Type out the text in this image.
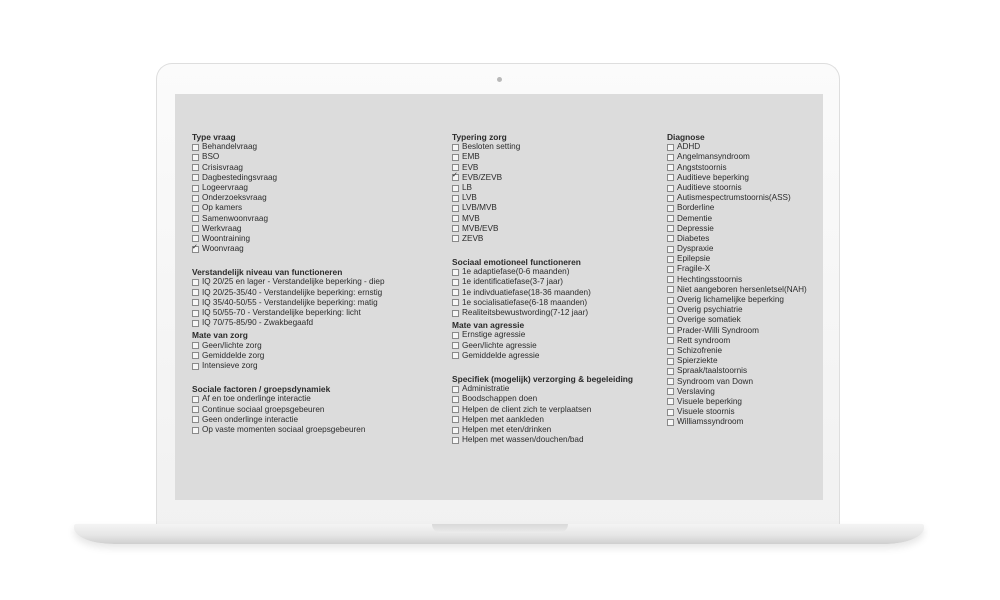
Type vraag
Behandelvraag
BSO
Crisisvraag
Dagbestedingsvraag
Logeervraag
Onderzoeksvraag
Op kamers
Samenwoonvraag
Werkvraag
Woontraining
✓
Woonvraag
Verstandelijk niveau van functioneren
IQ 20/25 en lager - Verstandelijke beperking - diep
IQ 20/25-35/40 - Verstandelijke beperking: ernstig
IQ 35/40-50/55 - Verstandelijke beperking: matig
IQ 50/55-70 - Verstandelijke beperking: licht
IQ 70/75-85/90 - Zwakbegaafd
Mate van zorg
Geen/lichte zorg
Gemiddelde zorg
Intensieve zorg
Sociale factoren / groepsdynamiek
Af en toe onderlinge interactie
Continue sociaal groepsgebeuren
Geen onderlinge interactie
Op vaste momenten sociaal groepsgebeuren
Typering zorg
Besloten setting
EMB
EVB
✓
EVB/ZEVB
LB
LVB
LVB/MVB
MVB
MVB/EVB
ZEVB
Sociaal emotioneel functioneren
1e adaptiefase(0-6 maanden)
1e identificatiefase(3-7 jaar)
1e indivduatiefase(18-36 maanden)
1e socialisatiefase(6-18 maanden)
Realiteitsbewustwording(7-12 jaar)
Mate van agressie
Ernstige agressie
Geen/lichte agressie
Gemiddelde agressie
Specifiek (mogelijk) verzorging & begeleiding
Administratie
Boodschappen doen
Helpen de client zich te verplaatsen
Helpen met aankleden
Helpen met eten/drinken
Helpen met wassen/douchen/bad
Diagnose
ADHD
Angelmansyndroom
Angststoornis
Auditieve beperking
Auditieve stoornis
Autismespectrumstoornis(ASS)
Borderline
Dementie
Depressie
Diabetes
Dyspraxie
Epilepsie
Fragile-X
Hechtingsstoornis
Niet aangeboren hersenletsel(NAH)
Overig lichamelijke beperking
Overig psychiatrie
Overige somatiek
Prader-Willi Syndroom
Rett syndroom
Schizofrenie
Spierziekte
Spraak/taalstoornis
Syndroom van Down
Verslaving
Visuele beperking
Visuele stoornis
Williamssyndroom
